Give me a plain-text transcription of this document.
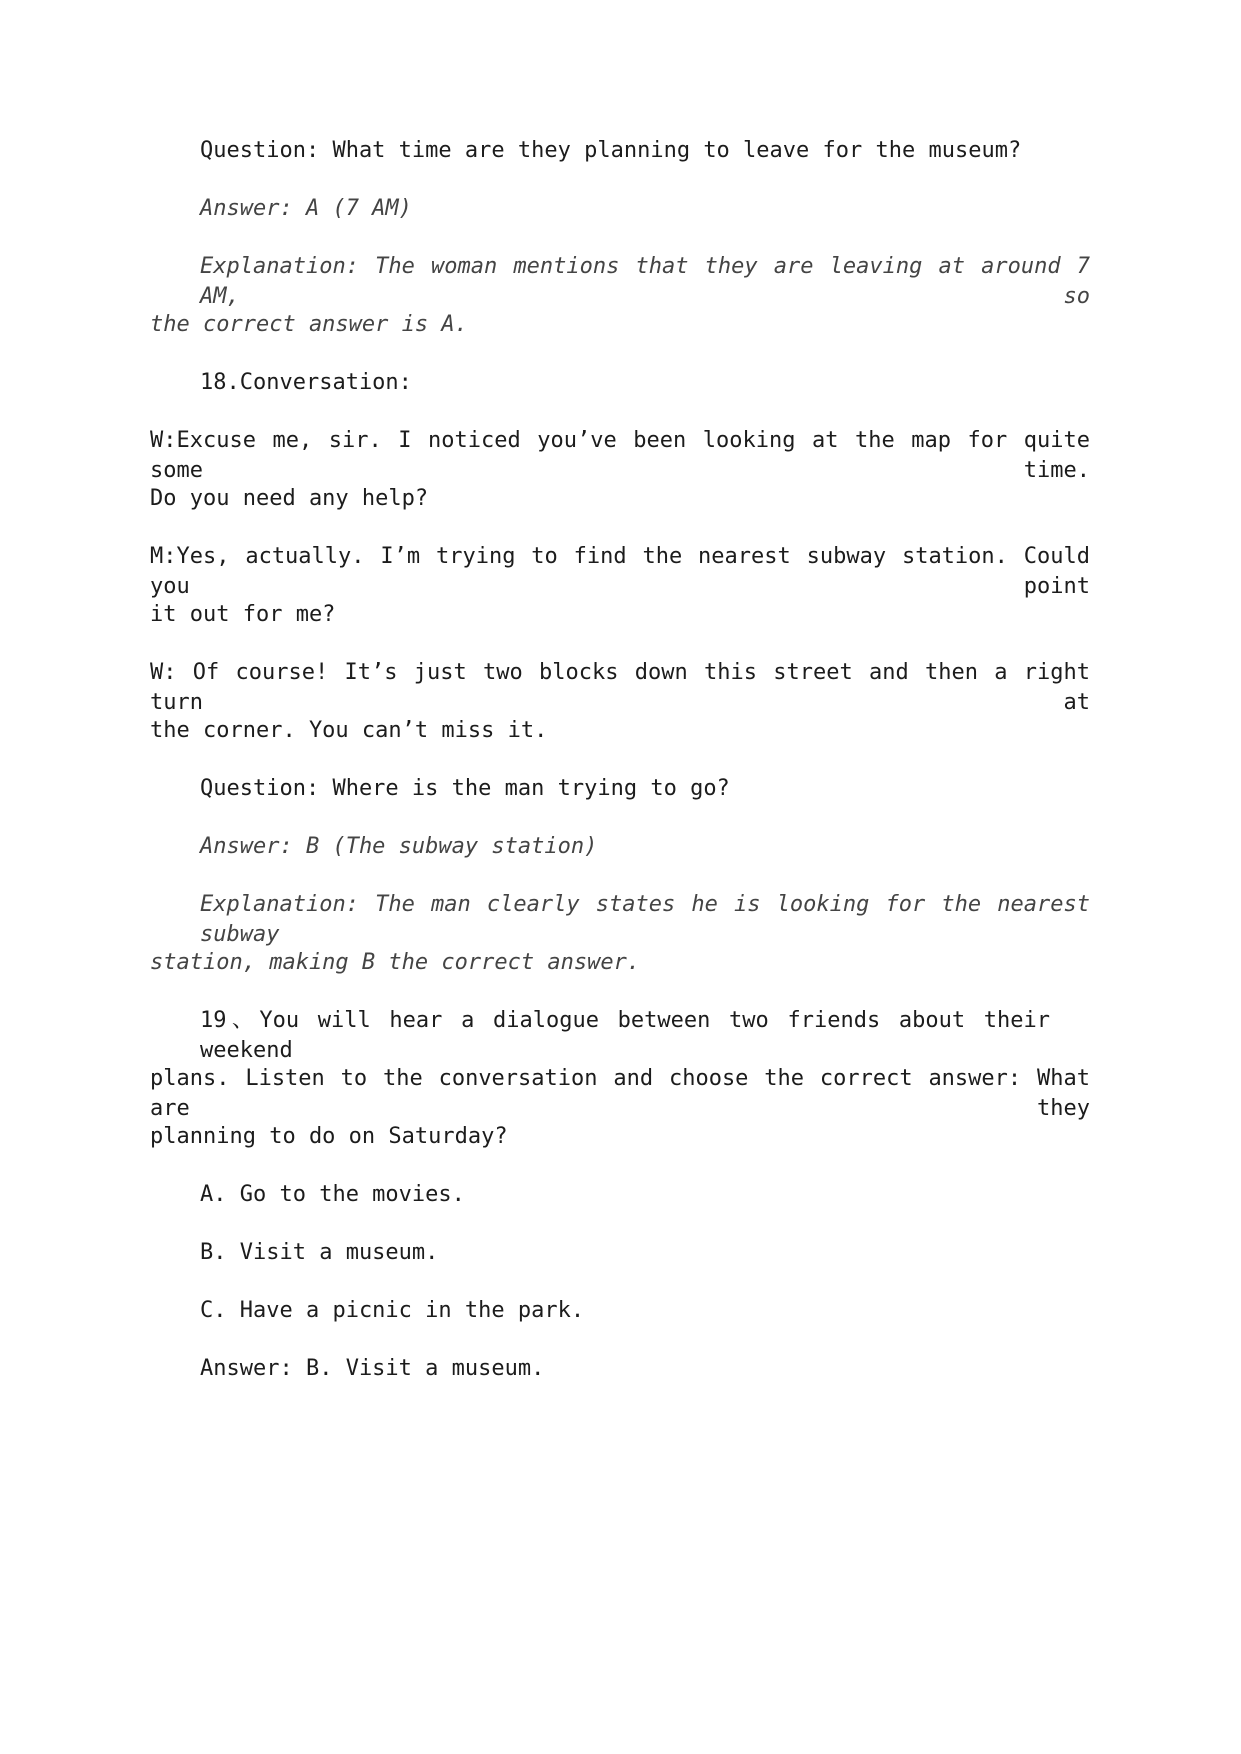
Question: What time are they planning to leave for the museum?
Answer: A (7 AM)
Explanation: The woman mentions that they are leaving at around 7 AM, so
the correct answer is A.
18.Conversation:
W:Excuse me, sir. I noticed you’ve been looking at the map for quite some time.
Do you need any help?
M:Yes, actually. I’m trying to find the nearest subway station. Could you point
it out for me?
W: Of course! It’s just two blocks down this street and then a right turn at
the corner. You can’t miss it.
Question: Where is the man trying to go?
Answer: B (The subway station)
Explanation: The man clearly states he is looking for the nearest subway
station, making B the correct answer.
19、You will hear a dialogue between two friends about their weekend
plans. Listen to the conversation and choose the correct answer: What are they
planning to do on Saturday?
A. Go to the movies.
B. Visit a museum.
C. Have a picnic in the park.
Answer: B. Visit a museum.
